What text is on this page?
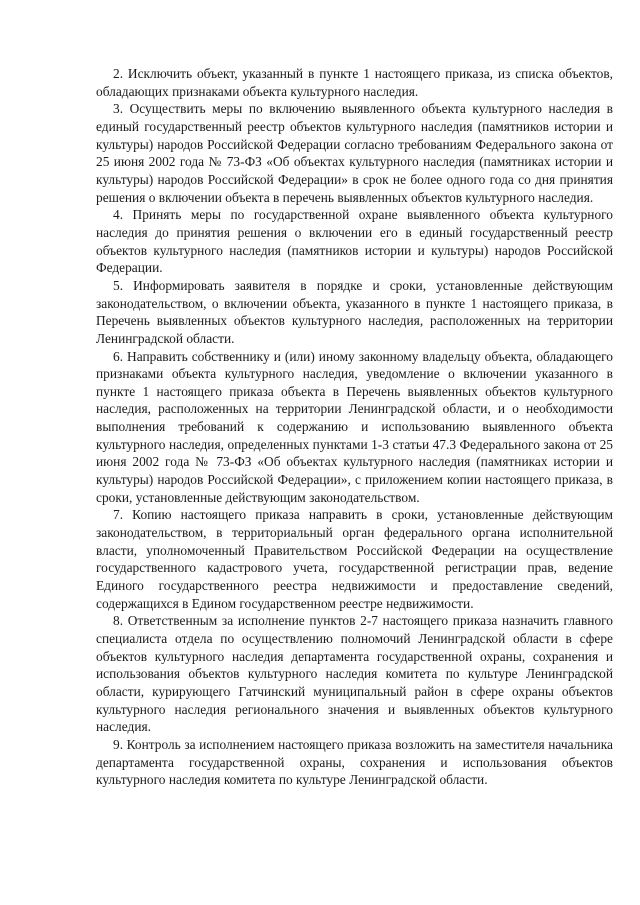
2. Исключить объект, указанный в пункте 1 настоящего приказа, из списка объектов, обладающих признаками объекта культурного наследия.

3. Осуществить меры по включению выявленного объекта культурного наследия в единый государственный реестр объектов культурного наследия (памятников истории и культуры) народов Российской Федерации согласно требованиям Федерального закона от 25 июня 2002 года № 73-ФЗ «Об объектах культурного наследия (памятниках истории и культуры) народов Российской Федерации» в срок не более одного года со дня принятия решения о включении объекта в перечень выявленных объектов культурного наследия.

4. Принять меры по государственной охране выявленного объекта культурного наследия до принятия решения о включении его в единый государственный реестр объектов культурного наследия (памятников истории и культуры) народов Российской Федерации.

5. Информировать заявителя в порядке и сроки, установленные действующим законодательством, о включении объекта, указанного в пункте 1 настоящего приказа, в Перечень выявленных объектов культурного наследия, расположенных на территории Ленинградской области.

6. Направить собственнику и (или) иному законному владельцу объекта, обладающего признаками объекта культурного наследия, уведомление о включении указанного в пункте 1 настоящего приказа объекта в Перечень выявленных объектов культурного наследия, расположенных на территории Ленинградской области, и о необходимости выполнения требований к содержанию и использованию выявленного объекта культурного наследия, определенных пунктами 1-3 статьи 47.3 Федерального закона от 25 июня 2002 года № 73-ФЗ «Об объектах культурного наследия (памятниках истории и культуры) народов Российской Федерации», с приложением копии настоящего приказа, в сроки, установленные действующим законодательством.

7. Копию настоящего приказа направить в сроки, установленные действующим законодательством, в территориальный орган федерального органа исполнительной власти, уполномоченный Правительством Российской Федерации на осуществление государственного кадастрового учета, государственной регистрации прав, ведение Единого государственного реестра недвижимости и предоставление сведений, содержащихся в Едином государственном реестре недвижимости.

8. Ответственным за исполнение пунктов 2-7 настоящего приказа назначить главного специалиста отдела по осуществлению полномочий Ленинградской области в сфере объектов культурного наследия департамента государственной охраны, сохранения и использования объектов культурного наследия комитета по культуре Ленинградской области, курирующего Гатчинский муниципальный район в сфере охраны объектов культурного наследия регионального значения и выявленных объектов культурного наследия.

9. Контроль за исполнением настоящего приказа возложить на заместителя начальника департамента государственной охраны, сохранения и использования объектов культурного наследия комитета по культуре Ленинградской области.
